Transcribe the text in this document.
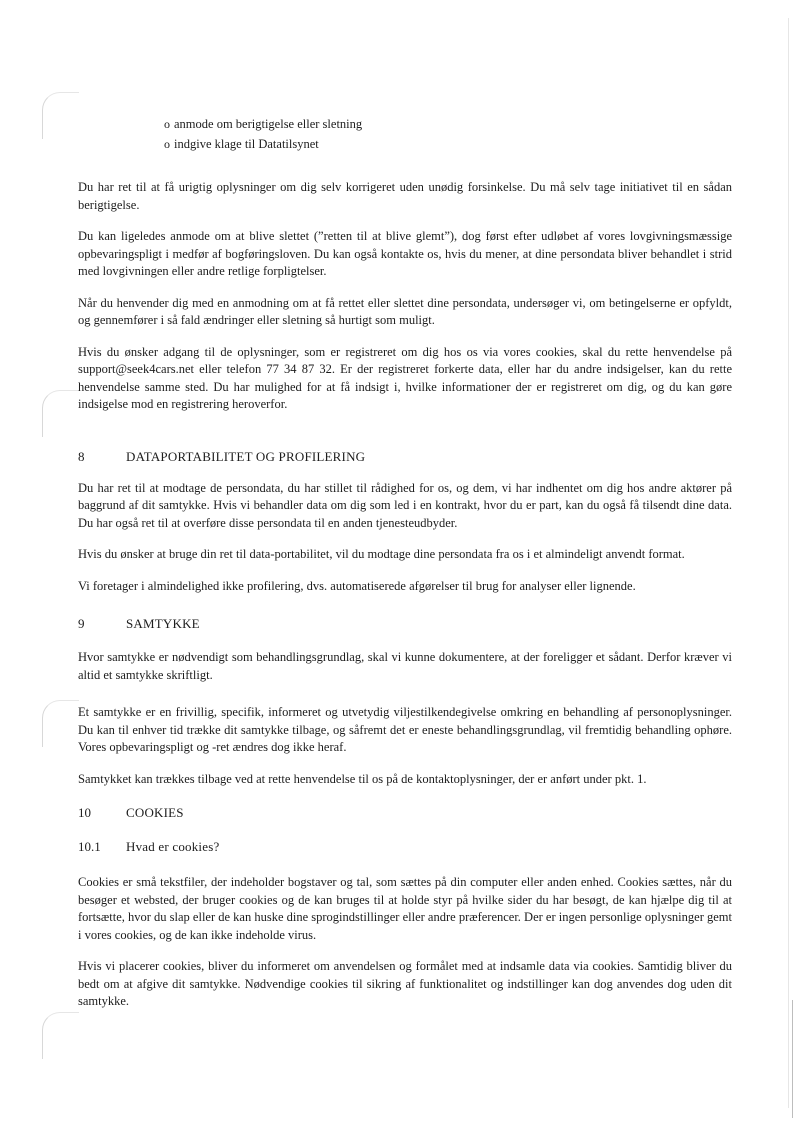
o anmode om berigtigelse eller sletning
o indgive klage til Datatilsynet

Du har ret til at få urigtig oplysninger om dig selv korrigeret uden unødig forsinkelse. Du må selv tage initiativet til en sådan berigtigelse.

Du kan ligeledes anmode om at blive slettet (”retten til at blive glemt”), dog først efter udløbet af vores lovgivningsmæssige opbevaringspligt i medfør af bogføringsloven. Du kan også kontakte os, hvis du mener, at dine persondata bliver behandlet i strid med lovgivningen eller andre retlige forpligtelser.

Når du henvender dig med en anmodning om at få rettet eller slettet dine persondata, undersøger vi, om betingelserne er opfyldt, og gennemfører i så fald ændringer eller sletning så hurtigt som muligt.

Hvis du ønsker adgang til de oplysninger, som er registreret om dig hos os via vores cookies, skal du rette henvendelse på support@seek4cars.net eller telefon 77 34 87 32. Er der registreret forkerte data, eller har du andre indsigelser, kan du rette henvendelse samme sted. Du har mulighed for at få indsigt i, hvilke informationer der er registreret om dig, og du kan gøre indsigelse mod en registrering heroverfor.

8	DATAPORTABILITET OG PROFILERING

Du har ret til at modtage de persondata, du har stillet til rådighed for os, og dem, vi har indhentet om dig hos andre aktører på baggrund af dit samtykke. Hvis vi behandler data om dig som led i en kontrakt, hvor du er part, kan du også få tilsendt dine data. Du har også ret til at overføre disse persondata til en anden tjenesteudbyder.

Hvis du ønsker at bruge din ret til data-portabilitet, vil du modtage dine persondata fra os i et almindeligt anvendt format.

Vi foretager i almindelighed ikke profilering, dvs. automatiserede afgørelser til brug for analyser eller lignende.

9	SAMTYKKE

Hvor samtykke er nødvendigt som behandlingsgrundlag, skal vi kunne dokumentere, at der foreligger et sådant. Derfor kræver vi altid et samtykke skriftligt.

Et samtykke er en frivillig, specifik, informeret og utvetydig viljestilkendegivelse omkring en behandling af personoplysninger. Du kan til enhver tid trække dit samtykke tilbage, og såfremt det er eneste behandlingsgrundlag, vil fremtidig behandling ophøre. Vores opbevaringspligt og -ret ændres dog ikke heraf.

Samtykket kan trækkes tilbage ved at rette henvendelse til os på de kontaktoplysninger, der er anført under pkt. 1.

10	COOKIES
10.1	Hvad er cookies?

Cookies er små tekstfiler, der indeholder bogstaver og tal, som sættes på din computer eller anden enhed. Cookies sættes, når du besøger et websted, der bruger cookies og de kan bruges til at holde styr på hvilke sider du har besøgt, de kan hjælpe dig til at fortsætte, hvor du slap eller de kan huske dine sprogindstillinger eller andre præferencer. Der er ingen personlige oplysninger gemt i vores cookies, og de kan ikke indeholde virus.

Hvis vi placerer cookies, bliver du informeret om anvendelsen og formålet med at indsamle data via cookies. Samtidig bliver du bedt om at afgive dit samtykke. Nødvendige cookies til sikring af funktionalitet og indstillinger kan dog anvendes dog uden dit samtykke.
